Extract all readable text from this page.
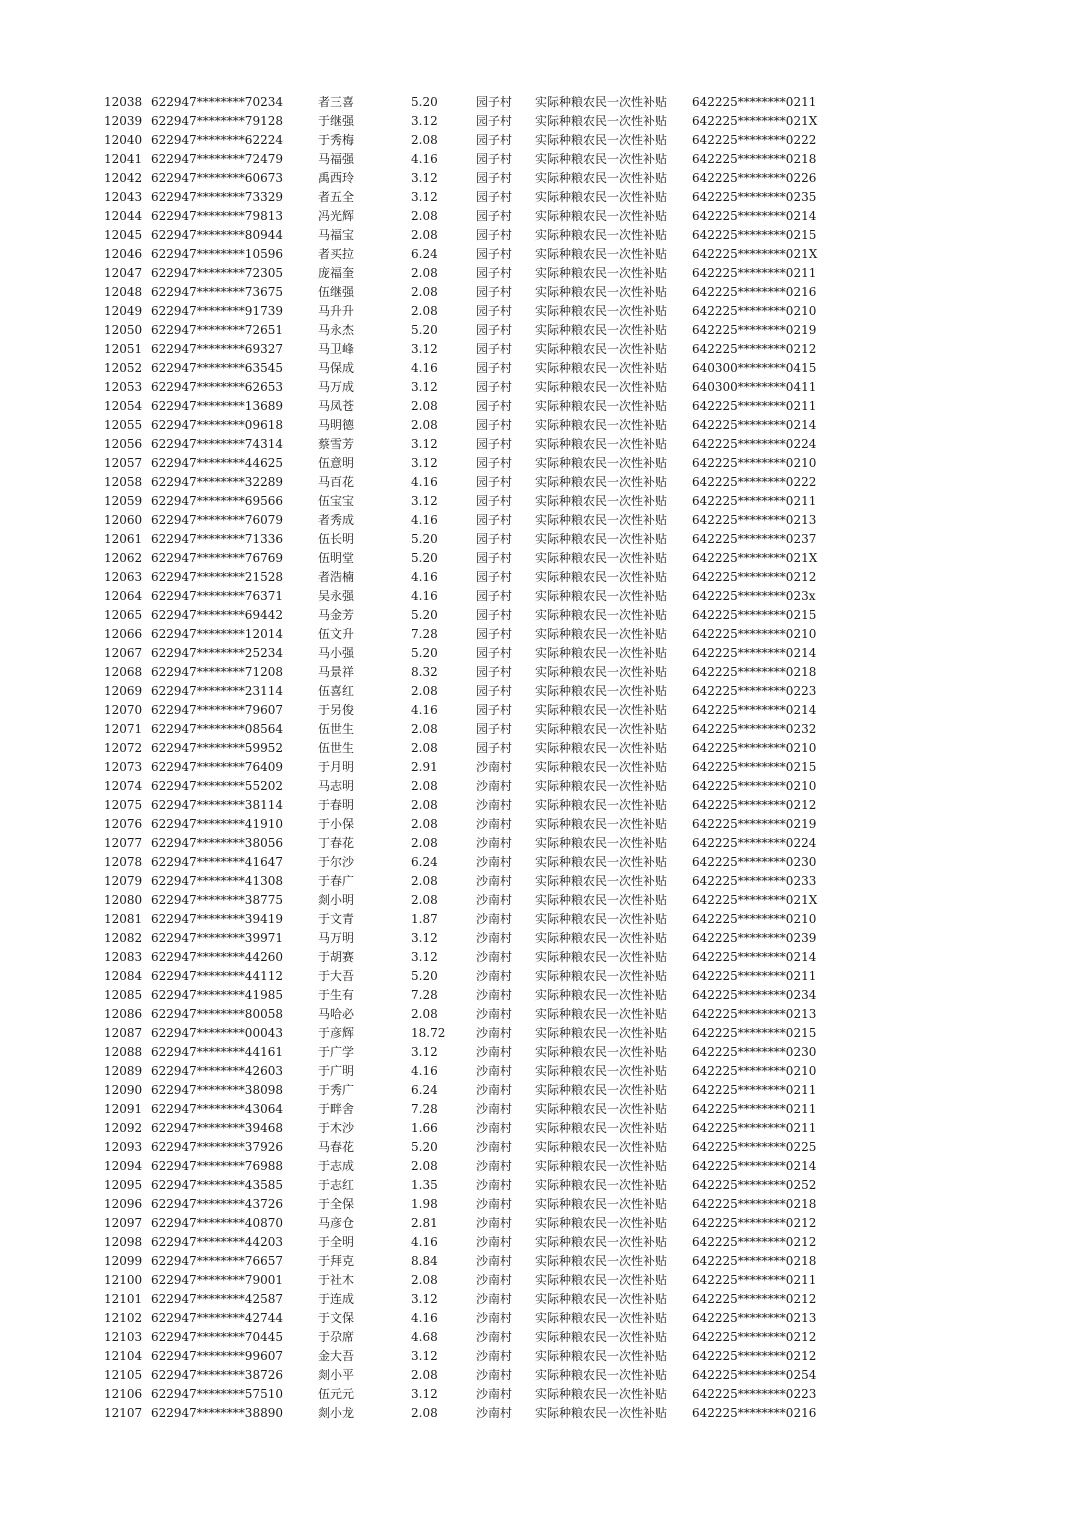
12038 622947********70234	者三喜	5.20	园子村 实际种粮农民一次性补贴 642225********0211
12039 622947********79128	于继强	3.12	园子村 实际种粮农民一次性补贴 642225********021X
12040 622947********62224	于秀梅	2.08	园子村 实际种粮农民一次性补贴 642225********0222
12041 622947********72479	马福强	4.16	园子村 实际种粮农民一次性补贴 642225********0218
12042 622947********60673	禹西玲	3.12	园子村 实际种粮农民一次性补贴 642225********0226
12043 622947********73329	者五全	3.12	园子村 实际种粮农民一次性补贴 642225********0235
12044 622947********79813	冯光辉	2.08	园子村 实际种粮农民一次性补贴 642225********0214
12045 622947********80944	马福宝	2.08	园子村 实际种粮农民一次性补贴 642225********0215
12046 622947********10596	者买拉	6.24	园子村 实际种粮农民一次性补贴 642225********021X
12047 622947********72305	庞福奎	2.08	园子村 实际种粮农民一次性补贴 642225********0211
12048 622947********73675	伍继强	2.08	园子村 实际种粮农民一次性补贴 642225********0216
12049 622947********91739	马升升	2.08	园子村 实际种粮农民一次性补贴 642225********0210
12050 622947********72651	马永杰	5.20	园子村 实际种粮农民一次性补贴 642225********0219
12051 622947********69327	马卫峰	3.12	园子村 实际种粮农民一次性补贴 642225********0212
12052 622947********63545	马保成	4.16	园子村 实际种粮农民一次性补贴 640300********0415
12053 622947********62653	马万成	3.12	园子村 实际种粮农民一次性补贴 640300********0411
12054 622947********13689	马凤苍	2.08	园子村 实际种粮农民一次性补贴 642225********0211
12055 622947********09618	马明德	2.08	园子村 实际种粮农民一次性补贴 642225********0214
12056 622947********74314	蔡雪芳	3.12	园子村 实际种粮农民一次性补贴 642225********0224
12057 622947********44625	伍意明	3.12	园子村 实际种粮农民一次性补贴 642225********0210
12058 622947********32289	马百花	4.16	园子村 实际种粮农民一次性补贴 642225********0222
12059 622947********69566	伍宝宝	3.12	园子村 实际种粮农民一次性补贴 642225********0211
12060 622947********76079	者秀成	4.16	园子村 实际种粮农民一次性补贴 642225********0213
12061 622947********71336	伍长明	5.20	园子村 实际种粮农民一次性补贴 642225********0237
12062 622947********76769	伍明堂	5.20	园子村 实际种粮农民一次性补贴 642225********021X
12063 622947********21528	者浩楠	4.16	园子村 实际种粮农民一次性补贴 642225********0212
12064 622947********76371	吴永强	4.16	园子村 实际种粮农民一次性补贴 642225********023x
12065 622947********69442	马金芳	5.20	园子村 实际种粮农民一次性补贴 642225********0215
12066 622947********12014	伍文升	7.28	园子村 实际种粮农民一次性补贴 642225********0210
12067 622947********25234	马小强	5.20	园子村 实际种粮农民一次性补贴 642225********0214
12068 622947********71208	马景祥	8.32	园子村 实际种粮农民一次性补贴 642225********0218
12069 622947********23114	伍喜红	2.08	园子村 实际种粮农民一次性补贴 642225********0223
12070 622947********79607	于另俊	4.16	园子村 实际种粮农民一次性补贴 642225********0214
12071 622947********08564	伍世生	2.08	园子村 实际种粮农民一次性补贴 642225********0232
12072 622947********59952	伍世生	2.08	园子村 实际种粮农民一次性补贴 642225********0210
12073 622947********76409	于月明	2.91	沙南村 实际种粮农民一次性补贴 642225********0215
12074 622947********55202	马志明	2.08	沙南村 实际种粮农民一次性补贴 642225********0210
12075 622947********38114	于春明	2.08	沙南村 实际种粮农民一次性补贴 642225********0212
12076 622947********41910	于小保	2.08	沙南村 实际种粮农民一次性补贴 642225********0219
12077 622947********38056	丁春花	2.08	沙南村 实际种粮农民一次性补贴 642225********0224
12078 622947********41647	于尔沙	6.24	沙南村 实际种粮农民一次性补贴 642225********0230
12079 622947********41308	于春广	2.08	沙南村 实际种粮农民一次性补贴 642225********0233
12080 622947********38775	剡小明	2.08	沙南村 实际种粮农民一次性补贴 642225********021X
12081 622947********39419	于文青	1.87	沙南村 实际种粮农民一次性补贴 642225********0210
12082 622947********39971	马万明	3.12	沙南村 实际种粮农民一次性补贴 642225********0239
12083 622947********44260	于胡赛	3.12	沙南村 实际种粮农民一次性补贴 642225********0214
12084 622947********44112	于大吾	5.20	沙南村 实际种粮农民一次性补贴 642225********0211
12085 622947********41985	于生有	7.28	沙南村 实际种粮农民一次性补贴 642225********0234
12086 622947********80058	马哈必	2.08	沙南村 实际种粮农民一次性补贴 642225********0213
12087 622947********00043	于彦辉	18.72	沙南村 实际种粮农民一次性补贴 642225********0215
12088 622947********44161	于广学	3.12	沙南村 实际种粮农民一次性补贴 642225********0230
12089 622947********42603	于广明	4.16	沙南村 实际种粮农民一次性补贴 642225********0210
12090 622947********38098	于秀广	6.24	沙南村 实际种粮农民一次性补贴 642225********0211
12091 622947********43064	于畔舍	7.28	沙南村 实际种粮农民一次性补贴 642225********0211
12092 622947********39468	于木沙	1.66	沙南村 实际种粮农民一次性补贴 642225********0211
12093 622947********37926	马春花	5.20	沙南村 实际种粮农民一次性补贴 642225********0225
12094 622947********76988	于志成	2.08	沙南村 实际种粮农民一次性补贴 642225********0214
12095 622947********43585	于志红	1.35	沙南村 实际种粮农民一次性补贴 642225********0252
12096 622947********43726	于全保	1.98	沙南村 实际种粮农民一次性补贴 642225********0218
12097 622947********40870	马彦仓	2.81	沙南村 实际种粮农民一次性补贴 642225********0212
12098 622947********44203	于全明	4.16	沙南村 实际种粮农民一次性补贴 642225********0212
12099 622947********76657	于拜克	8.84	沙南村 实际种粮农民一次性补贴 642225********0218
12100 622947********79001	于社木	2.08	沙南村 实际种粮农民一次性补贴 642225********0211
12101 622947********42587	于连成	3.12	沙南村 实际种粮农民一次性补贴 642225********0212
12102 622947********42744	于文保	4.16	沙南村 实际种粮农民一次性补贴 642225********0213
12103 622947********70445	于尕席	4.68	沙南村 实际种粮农民一次性补贴 642225********0212
12104 622947********99607	金大吾	3.12	沙南村 实际种粮农民一次性补贴 642225********0212
12105 622947********38726	剡小平	2.08	沙南村 实际种粮农民一次性补贴 642225********0254
12106 622947********57510	伍元元	3.12	沙南村 实际种粮农民一次性补贴 642225********0223
12107 622947********38890	剡小龙	2.08	沙南村 实际种粮农民一次性补贴 642225********0216
